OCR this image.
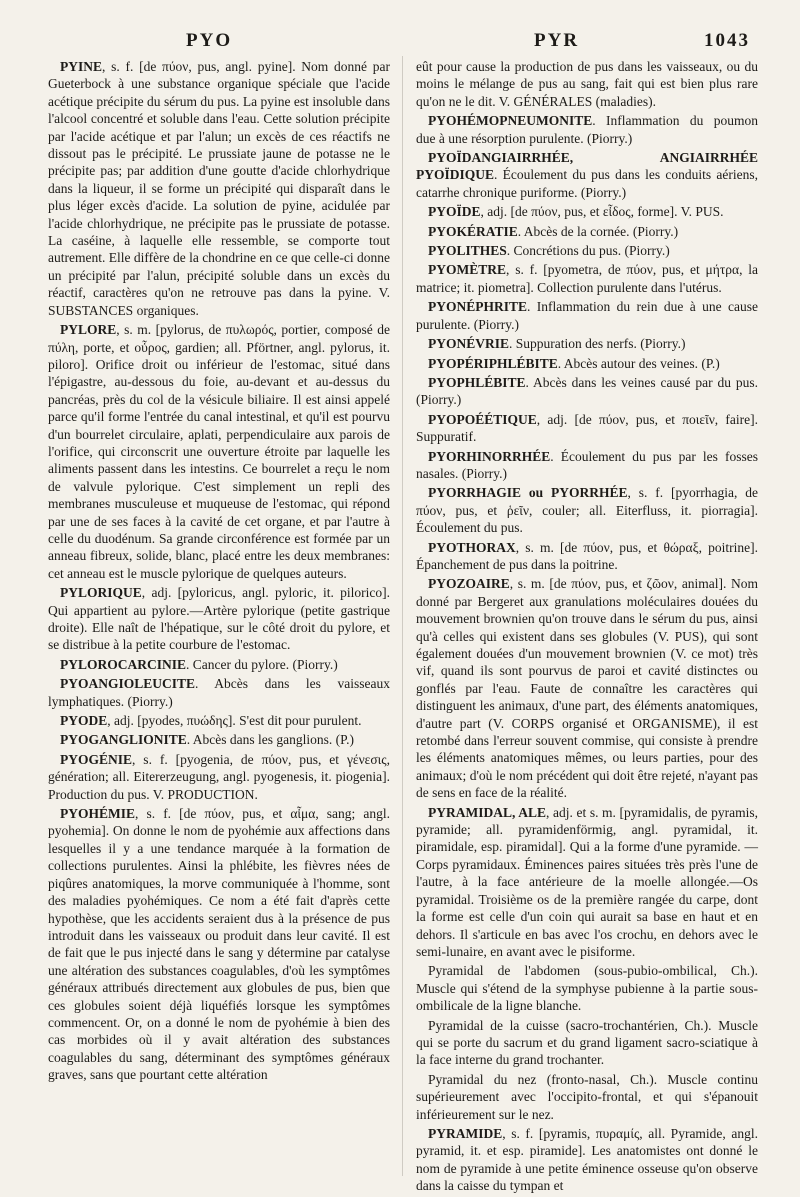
PYO	PYR	1043

PYINE, s. f. [de πύον, pus, angl. pyine]. Nom donné par Gueterbock à une substance organique spéciale que l'acide acétique précipite du sérum du pus. La pyine est insoluble dans l'alcool concentré et soluble dans l'eau. Cette solution précipite par l'acide acétique et par l'alun; un excès de ces réactifs ne dissout pas le précipité. Le prussiate jaune de potasse ne le précipite pas; par addition d'une goutte d'acide chlorhydrique dans la liqueur, il se forme un précipité qui disparaît dans le plus léger excès d'acide. La solution de pyine, acidulée par l'acide chlorhydrique, ne précipite pas le prussiate de potasse. La caséine, à laquelle elle ressemble, se comporte tout autrement. Elle diffère de la chondrine en ce que celle-ci donne un précipité par l'alun, précipité soluble dans un excès du réactif, caractères qu'on ne retrouve pas dans la pyine. V. SUBSTANCES organiques.

PYLORE, s. m. [pylorus, de πυλωρός, portier, composé de πύλη, porte, et οὖρος, gardien; all. Pförtner, angl. pylorus, it. piloro]. Orifice droit ou inférieur de l'estomac, situé dans l'épigastre, au-dessous du foie, au-devant et au-dessus du pancréas, près du col de la vésicule biliaire. Il est ainsi appelé parce qu'il forme l'entrée du canal intestinal, et qu'il est pourvu d'un bourrelet circulaire, aplati, perpendiculaire aux parois de l'orifice, qui circonscrit une ouverture étroite par laquelle les aliments passent dans les intestins. Ce bourrelet a reçu le nom de valvule pylorique. C'est simplement un repli des membranes musculeuse et muqueuse de l'estomac, qui répond par une de ses faces à la cavité de cet organe, et par l'autre à celle du duodénum. Sa grande circonférence est formée par un anneau fibreux, solide, blanc, placé entre les deux membranes: cet anneau est le muscle pylorique de quelques auteurs.

PYLORIQUE, adj. [pyloricus, angl. pyloric, it. pilorico]. Qui appartient au pylore.—Artère pylorique (petite gastrique droite). Elle naît de l'hépatique, sur le côté droit du pylore, et se distribue à la petite courbure de l'estomac.

PYLOROCARCINIE. Cancer du pylore. (Piorry.)

PYOANGIOLEUCITE. Abcès dans les vaisseaux lymphatiques. (Piorry.)

PYODE, adj. [pyodes, πυώδης]. S'est dit pour purulent.

PYOGANGLIONITE. Abcès dans les ganglions. (P.)

PYOGÉNIE, s. f. [pyogenia, de πύον, pus, et γένεσις, génération; all. Eitererzeugung, angl. pyogenesis, it. piogenia]. Production du pus. V. PRODUCTION.

PYOHÉMIE, s. f. [de πύον, pus, et αἷμα, sang; angl. pyohemia]. On donne le nom de pyohémie aux affections dans lesquelles il y a une tendance marquée à la formation de collections purulentes. Ainsi la phlébite, les fièvres nées de piqûres anatomiques, la morve communiquée à l'homme, sont des maladies pyohémiques. Ce nom a été fait d'après cette hypothèse, que les accidents seraient dus à la présence de pus introduit dans les vaisseaux ou produit dans leur cavité. Il est de fait que le pus injecté dans le sang y détermine par catalyse une altération des substances coagulables, d'où les symptômes généraux attribués directement aux globules de pus, bien que ces globules soient déjà liquéfiés lorsque les symptômes commencent. Or, on a donné le nom de pyohémie à bien des cas morbides où il y avait altération des substances coagulables du sang, déterminant des symptômes généraux graves, sans que pourtant cette altération

eût pour cause la production de pus dans les vaisseaux, ou du moins le mélange de pus au sang, fait qui est bien plus rare qu'on ne le dit. V. GÉNÉRALES (maladies).

PYOHÉMOPNEUMONITE. Inflammation du poumon due à une résorption purulente. (Piorry.)

PYOÏDANGIAIRRHÉE, ANGIAIRRHÉE PYOÏDIQUE. Écoulement du pus dans les conduits aériens, catarrhe chronique puriforme. (Piorry.)

PYOÏDE, adj. [de πύον, pus, et εἶδος, forme]. V. PUS.

PYOKÉRATIE. Abcès de la cornée. (Piorry.)

PYOLITHES. Concrétions du pus. (Piorry.)

PYOMÈTRE, s. f. [pyometra, de πύον, pus, et μήτρα, la matrice; it. piometra]. Collection purulente dans l'utérus.

PYONÉPHRITE. Inflammation du rein due à une cause purulente. (Piorry.)

PYONÉVRIE. Suppuration des nerfs. (Piorry.)

PYOPÉRIPHLÉBITE. Abcès autour des veines. (P.)

PYOPHLÉBITE. Abcès dans les veines causé par du pus. (Piorry.)

PYOPOÉÉTIQUE, adj. [de πύον, pus, et ποιεῖν, faire]. Suppuratif.

PYORHINORRHÉE. Écoulement du pus par les fosses nasales. (Piorry.)

PYORRHAGIE ou PYORRHÉE, s. f. [pyorrhagia, de πύον, pus, et ῥεῖν, couler; all. Eiterfluss, it. piorragia]. Écoulement du pus.

PYOTHORAX, s. m. [de πύον, pus, et θώραξ, poitrine]. Épanchement de pus dans la poitrine.

PYOZOAIRE, s. m. [de πύον, pus, et ζῶον, animal]. Nom donné par Bergeret aux granulations moléculaires douées du mouvement brownien qu'on trouve dans le sérum du pus, ainsi qu'à celles qui existent dans ses globules (V. PUS), qui sont également douées d'un mouvement brownien (V. ce mot) très vif, quand ils sont pourvus de paroi et cavité distinctes ou gonflés par l'eau. Faute de connaître les caractères qui distinguent les animaux, d'une part, des éléments anatomiques, d'autre part (V. CORPS organisé et ORGANISME), il est retombé dans l'erreur souvent commise, qui consiste à prendre les éléments anatomiques mêmes, ou leurs parties, pour des animaux; d'où le nom précédent qui doit être rejeté, n'ayant pas de sens en face de la réalité.

PYRAMIDAL, ALE, adj. et s. m. [pyramidalis, de pyramis, pyramide; all. pyramidenförmig, angl. pyramidal, it. piramidale, esp. piramidal]. Qui a la forme d'une pyramide. — Corps pyramidaux. Éminences paires situées très près l'une de l'autre, à la face antérieure de la moelle allongée.—Os pyramidal. Troisième os de la première rangée du carpe, dont la forme est celle d'un coin qui aurait sa base en haut et en dehors. Il s'articule en bas avec l'os crochu, en dehors avec le semi-lunaire, en avant avec le pisiforme.

Pyramidal de l'abdomen (sous-pubio-ombilical, Ch.). Muscle qui s'étend de la symphyse pubienne à la partie sous-ombilicale de la ligne blanche.

Pyramidal de la cuisse (sacro-trochantérien, Ch.). Muscle qui se porte du sacrum et du grand ligament sacro-sciatique à la face interne du grand trochanter.

Pyramidal du nez (fronto-nasal, Ch.). Muscle continu supérieurement avec l'occipito-frontal, et qui s'épanouit inférieurement sur le nez.

PYRAMIDE, s. f. [pyramis, πυραμίς, all. Pyramide, angl. pyramid, it. et esp. piramide]. Les anatomistes ont donné le nom de pyramide à une petite éminence osseuse qu'on observe dans la caisse du tympan et
